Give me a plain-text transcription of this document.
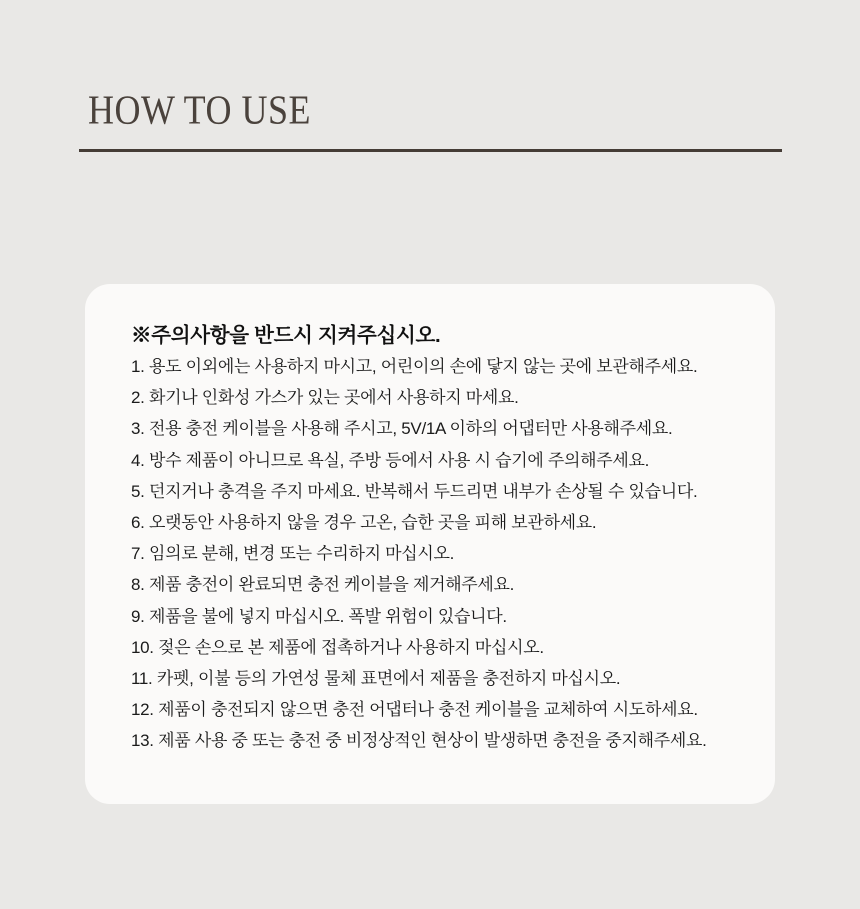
HOW TO USE

※주의사항을 반드시 지켜주십시오.

1. 용도 이외에는 사용하지 마시고, 어린이의 손에 닿지 않는 곳에 보관해주세요.
2. 화기나 인화성 가스가 있는 곳에서 사용하지 마세요.
3. 전용 충전 케이블을 사용해 주시고, 5V/1A 이하의 어댑터만 사용해주세요.
4. 방수 제품이 아니므로 욕실, 주방 등에서 사용 시 습기에 주의해주세요.
5. 던지거나 충격을 주지 마세요. 반복해서 두드리면 내부가 손상될 수 있습니다.
6. 오랫동안 사용하지 않을 경우 고온, 습한 곳을 피해 보관하세요.
7. 임의로 분해, 변경 또는 수리하지 마십시오.
8. 제품 충전이 완료되면 충전 케이블을 제거해주세요.
9. 제품을 불에 넣지 마십시오. 폭발 위험이 있습니다.
10. 젖은 손으로 본 제품에 접촉하거나 사용하지 마십시오.
11. 카펫, 이불 등의 가연성 물체 표면에서 제품을 충전하지 마십시오.
12. 제품이 충전되지 않으면 충전 어댑터나 충전 케이블을 교체하여 시도하세요.
13. 제품 사용 중 또는 충전 중 비정상적인 현상이 발생하면 충전을 중지해주세요.
